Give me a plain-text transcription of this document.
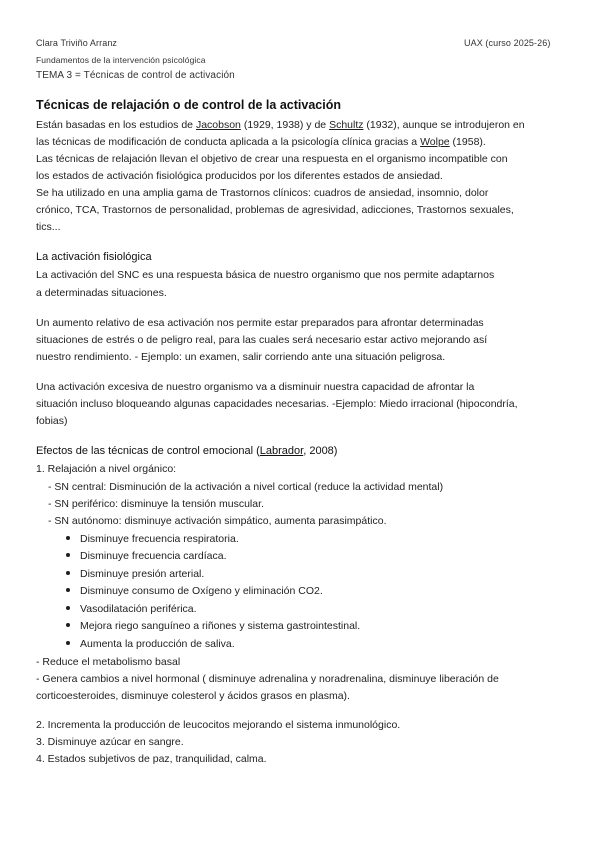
Clara Triviño Arranz	UAX (curso 2025-26)
Fundamentos de la intervención psicológica
TEMA 3 = Técnicas de control de activación
Técnicas de relajación o de control de la activación
Están basadas en los estudios de Jacobson (1929, 1938) y de Schultz (1932), aunque se introdujeron en
las técnicas de modificación de conducta aplicada a la psicología clínica gracias a Wolpe (1958).
Las técnicas de relajación llevan el objetivo de crear una respuesta en el organismo incompatible con
los estados de activación fisiológica producidos por los diferentes estados de ansiedad.
Se ha utilizado en una amplia gama de Trastornos clínicos: cuadros de ansiedad, insomnio, dolor
crónico, TCA, Trastornos de personalidad, problemas de agresividad, adicciones, Trastornos sexuales,
tics...
La activación fisiológica
La activación del SNC es una respuesta básica de nuestro organismo que nos permite adaptarnos
a determinadas situaciones.
Un aumento relativo de esa activación nos permite estar preparados para afrontar determinadas
situaciones de estrés o de peligro real, para las cuales será necesario estar activo mejorando así
nuestro rendimiento. - Ejemplo: un examen, salir corriendo ante una situación peligrosa.
Una activación excesiva de nuestro organismo va a disminuir nuestra capacidad de afrontar la
situación incluso bloqueando algunas capacidades necesarias. -Ejemplo: Miedo irracional (hipocondría,
fobias)
Efectos de las técnicas de control emocional (Labrador, 2008)
1. Relajación a nivel orgánico:
- SN central: Disminución de la activación a nivel cortical (reduce la actividad mental)
- SN periférico: disminuye la tensión muscular.
- SN autónomo: disminuye activación simpático, aumenta parasimpático.
Disminuye frecuencia respiratoria.
Disminuye frecuencia cardíaca.
Disminuye presión arterial.
Disminuye consumo de Oxígeno y eliminación CO2.
Vasodilatación periférica.
Mejora riego sanguíneo a riñones y sistema gastrointestinal.
Aumenta la producción de saliva.
- Reduce el metabolismo basal
- Genera cambios a nivel hormonal ( disminuye adrenalina y noradrenalina, disminuye liberación de
corticoesteroides, disminuye colesterol y ácidos grasos en plasma).
2. Incrementa la producción de leucocitos mejorando el sistema inmunológico.
3. Disminuye azúcar en sangre.
4. Estados subjetivos de paz, tranquilidad, calma.
